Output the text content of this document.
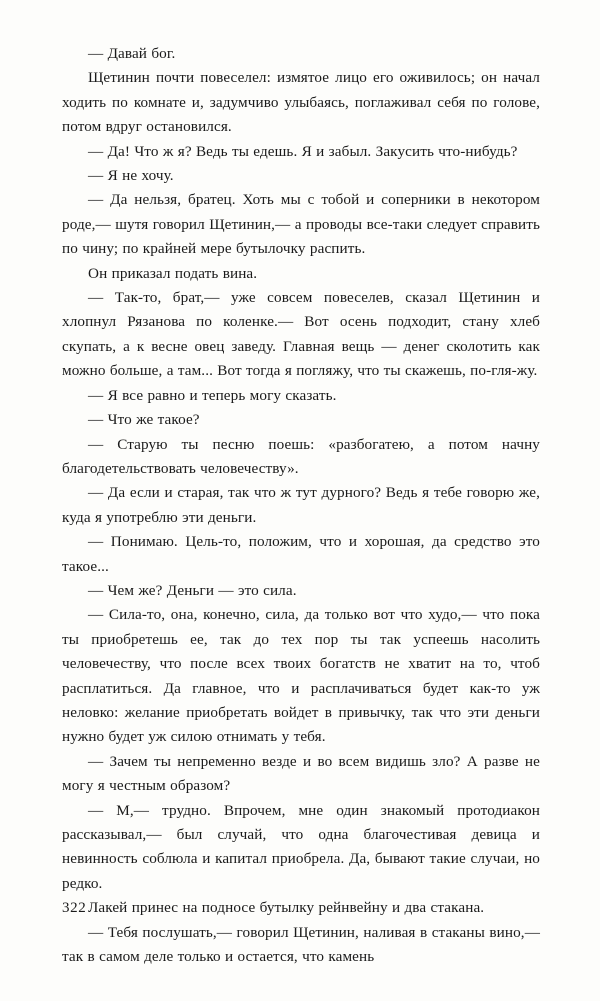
— Давай бог.

Щетинин почти повеселел: измятое лицо его оживилось; он начал ходить по комнате и, задумчиво улыбаясь, поглаживал себя по голове, потом вдруг остановился.

— Да! Что ж я? Ведь ты едешь. Я и забыл. Закусить что-нибудь?

— Я не хочу.

— Да нельзя, братец. Хоть мы с тобой и соперники в некотором роде,— шутя говорил Щетинин,— а проводы все-таки следует справить по чину; по крайней мере бутылочку распить.

Он приказал подать вина.

— Так-то, брат,— уже совсем повеселев, сказал Щетинин и хлопнул Рязанова по коленке.— Вот осень подходит, стану хлеб скупать, а к весне овец заведу. Главная вещь — денег сколотить как можно больше, а там... Вот тогда я погляжу, что ты скажешь, по-гля-жу.

— Я все равно и теперь могу сказать.

— Что же такое?

— Старую ты песню поешь: «разбогатею, а потом начну благодетельствовать человечеству».

— Да если и старая, так что ж тут дурного? Ведь я тебе говорю же, куда я употреблю эти деньги.

— Понимаю. Цель-то, положим, что и хорошая, да средство это такое...

— Чем же? Деньги — это сила.

— Сила-то, она, конечно, сила, да только вот что худо,— что пока ты приобретешь ее, так до тех пор ты так успеешь насолить человечеству, что после всех твоих богатств не хватит на то, чтоб расплатиться. Да главное, что и расплачиваться будет как-то уж неловко: желание приобретать войдет в привычку, так что эти деньги нужно будет уж силою отнимать у тебя.

— Зачем ты непременно везде и во всем видишь зло? А разве не могу я честным образом?

— М,— трудно. Впрочем, мне один знакомый протодиакон рассказывал,— был случай, что одна благочестивая девица и невинность соблюла и капитал приобрела. Да, бывают такие случаи, но редко.

Лакей принес на подносе бутылку рейнвейну и два стакана.

— Тебя послушать,— говорил Щетинин, наливая в стаканы вино,— так в самом деле только и остается, что камень

322
